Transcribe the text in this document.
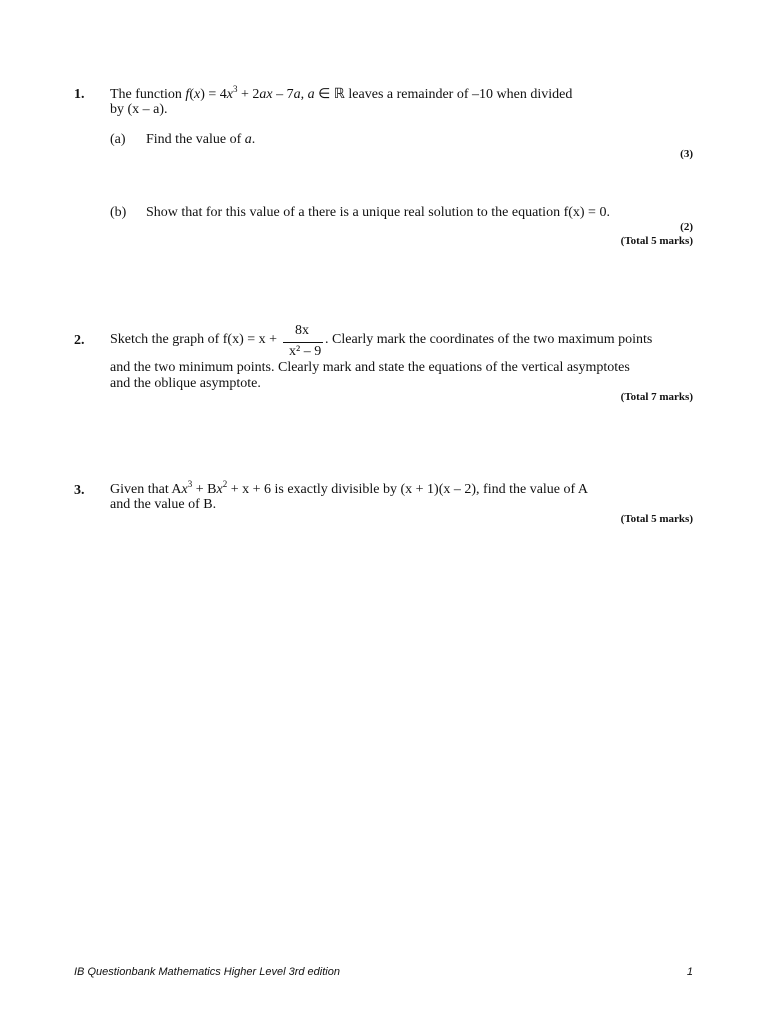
1. The function $f(x) = 4x^3 + 2ax - 7a$, a ∈ ℝ leaves a remainder of –10 when divided
by (x – a).
(a) Find the value of a.
(3)
(b) Show that for this value of a there is a unique real solution to the equation f(x) = 0.
(2)
(Total 5 marks)
2. Sketch the graph of f(x) = x +
8x
x² – 9
. Clearly mark the coordinates of the two maximum points
and the two minimum points. Clearly mark and state the equations of the vertical asymptotes
and the oblique asymptote.
(Total 7 marks)
3. Given that $Ax^3 + Bx^2 + x + 6$ is exactly divisible by (x + 1)(x – 2), find the value of A
and the value of B.
(Total 5 marks)
IB Questionbank Mathematics Higher Level 3rd edition	1
